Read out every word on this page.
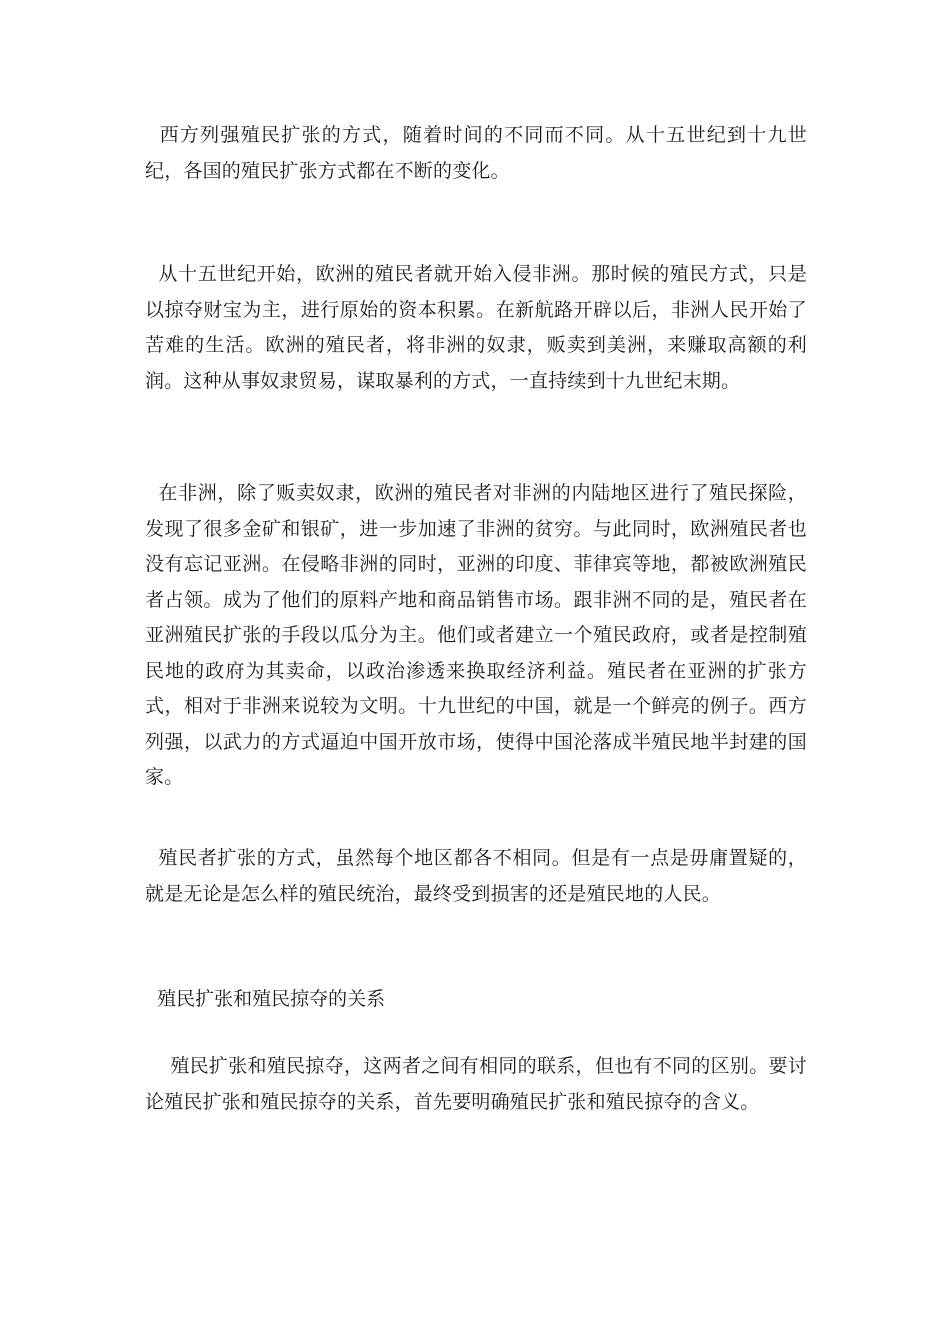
西方列强殖民扩张的方式，随着时间的不同而不同。从十五世纪到十九世纪，各国的殖民扩张方式都在不断的变化。

从十五世纪开始，欧洲的殖民者就开始入侵非洲。那时候的殖民方式，只是以掠夺财宝为主，进行原始的资本积累。在新航路开辟以后，非洲人民开始了苦难的生活。欧洲的殖民者，将非洲的奴隶，贩卖到美洲，来赚取高额的利润。这种从事奴隶贸易，谋取暴利的方式，一直持续到十九世纪末期。

在非洲，除了贩卖奴隶，欧洲的殖民者对非洲的内陆地区进行了殖民探险，发现了很多金矿和银矿，进一步加速了非洲的贫穷。与此同时，欧洲殖民者也没有忘记亚洲。在侵略非洲的同时，亚洲的印度、菲律宾等地，都被欧洲殖民者占领。成为了他们的原料产地和商品销售市场。跟非洲不同的是，殖民者在亚洲殖民扩张的手段以瓜分为主。他们或者建立一个殖民政府，或者是控制殖民地的政府为其卖命，以政治渗透来换取经济利益。殖民者在亚洲的扩张方式，相对于非洲来说较为文明。十九世纪的中国，就是一个鲜亮的例子。西方列强，以武力的方式逼迫中国开放市场，使得中国沦落成半殖民地半封建的国家。

殖民者扩张的方式，虽然每个地区都各不相同。但是有一点是毋庸置疑的，就是无论是怎么样的殖民统治，最终受到损害的还是殖民地的人民。

殖民扩张和殖民掠夺的关系

殖民扩张和殖民掠夺，这两者之间有相同的联系，但也有不同的区别。要讨论殖民扩张和殖民掠夺的关系，首先要明确殖民扩张和殖民掠夺的含义。
